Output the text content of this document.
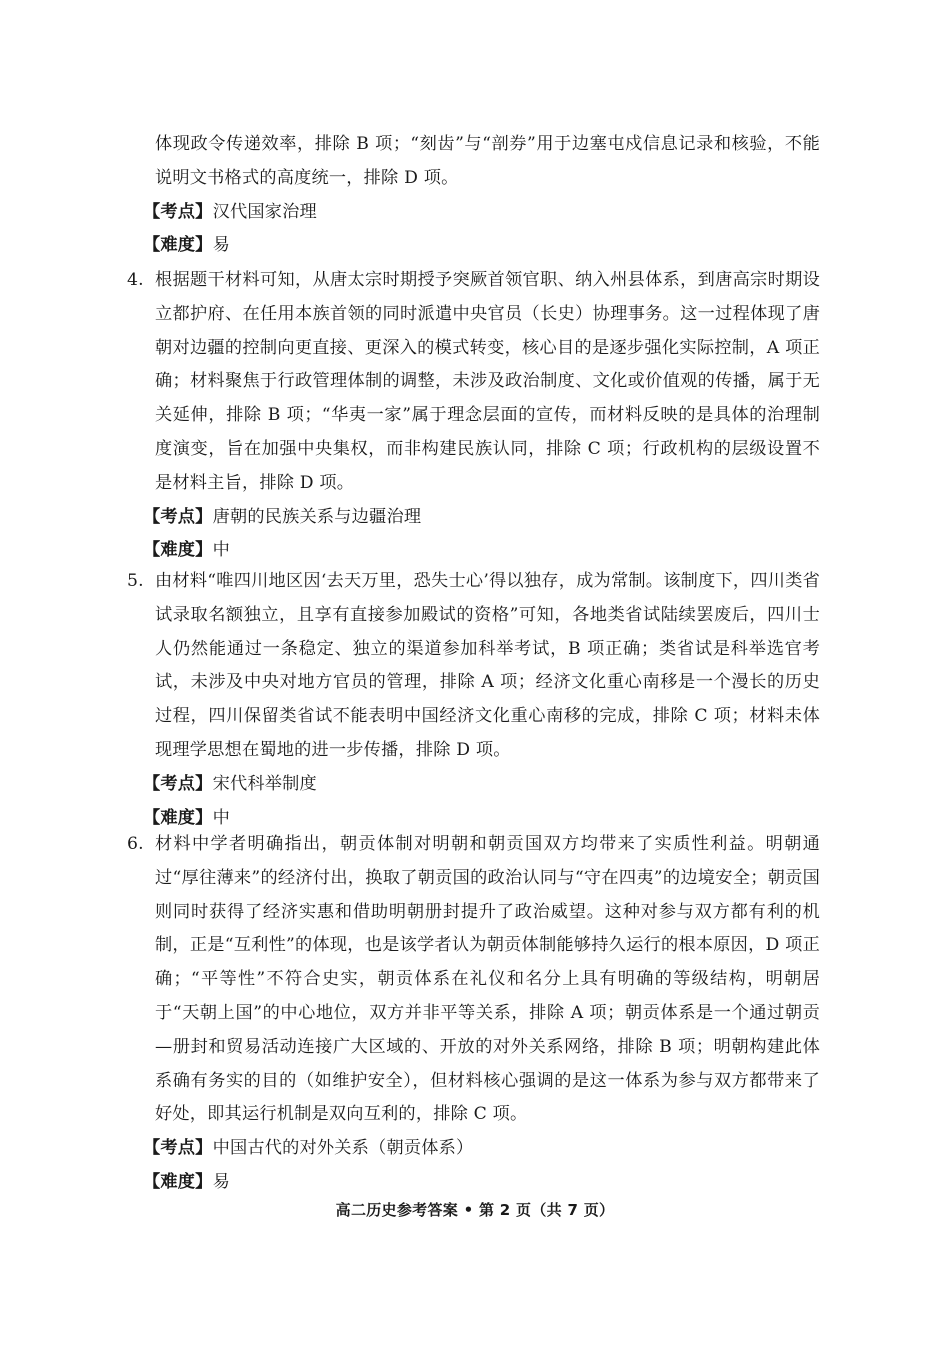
体现政令传递效率，排除 B 项；“刻齿”与“剖券”用于边塞屯戍信息记录和核验，不能说明文书格式的高度统一，排除 D 项。

【考点】汉代国家治理

【难度】易

4. 根据题干材料可知，从唐太宗时期授予突厥首领官职、纳入州县体系，到唐高宗时期设立都护府、在任用本族首领的同时派遣中央官员（长史）协理事务。这一过程体现了唐朝对边疆的控制向更直接、更深入的模式转变，核心目的是逐步强化实际控制，A 项正确；材料聚焦于行政管理体制的调整，未涉及政治制度、文化或价值观的传播，属于无关延伸，排除 B 项；“华夷一家”属于理念层面的宣传，而材料反映的是具体的治理制度演变，旨在加强中央集权，而非构建民族认同，排除 C 项；行政机构的层级设置不是材料主旨，排除 D 项。

【考点】唐朝的民族关系与边疆治理

【难度】中

5. 由材料“唯四川地区因‘去天万里，恐失士心’得以独存，成为常制。该制度下，四川类省试录取名额独立，且享有直接参加殿试的资格”可知，各地类省试陆续罢废后，四川士人仍然能通过一条稳定、独立的渠道参加科举考试，B 项正确；类省试是科举选官考试，未涉及中央对地方官员的管理，排除 A 项；经济文化重心南移是一个漫长的历史过程，四川保留类省试不能表明中国经济文化重心南移的完成，排除 C 项；材料未体现理学思想在蜀地的进一步传播，排除 D 项。

【考点】宋代科举制度

【难度】中

6. 材料中学者明确指出，朝贡体制对明朝和朝贡国双方均带来了实质性利益。明朝通过“厚往薄来”的经济付出，换取了朝贡国的政治认同与“守在四夷”的边境安全；朝贡国则同时获得了经济实惠和借助明朝册封提升了政治威望。这种对参与双方都有利的机制，正是“互利性”的体现，也是该学者认为朝贡体制能够持久运行的根本原因，D 项正确；“平等性”不符合史实，朝贡体系在礼仪和名分上具有明确的等级结构，明朝居于“天朝上国”的中心地位，双方并非平等关系，排除 A 项；朝贡体系是一个通过朝贡—册封和贸易活动连接广大区域的、开放的对外关系网络，排除 B 项；明朝构建此体系确有务实的目的（如维护安全），但材料核心强调的是这一体系为参与双方都带来了好处，即其运行机制是双向互利的，排除 C 项。

【考点】中国古代的对外关系（朝贡体系）

【难度】易

高二历史参考答案 • 第 2 页（共 7 页）
